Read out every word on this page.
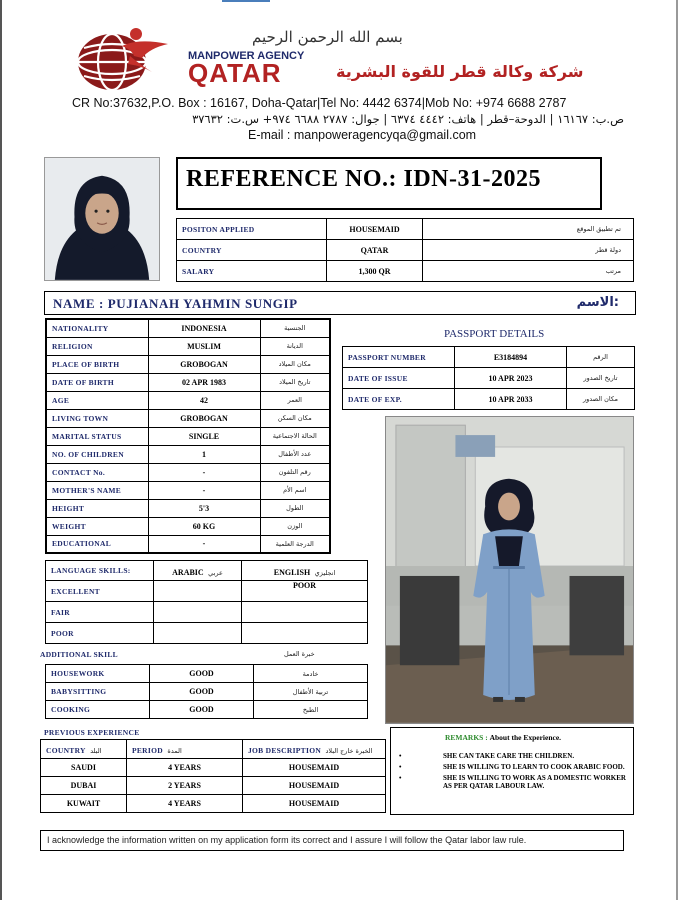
بسم الله الرحمن الرحيم
MANPOWER AGENCY
QATAR	شركة وكالة قطر للقوة البشرية
CR No:37632,P.O. Box : 16167, Doha-Qatar|Tel No: 4442 6374|Mob No: +974 6688 2787
ص.ب: ١٦١٦٧ | الدوحة–قطر | هاتف: ٤٤٤٢ ٦٣٧٤ | جوال: ٢٧٨٧ ٦٦٨٨ ٩٧٤+ س.ت: ٣٧٦٣٢
E-mail : manpoweragencyqa@gmail.com
REFERENCE NO.: IDN-31-2025
POSITON APPLIED	HOUSEMAID	تم تطبيق الموقع
COUNTRY	QATAR	دولة قطر
SALARY	1,300 QR	مرتب
NAME : PUJIANAH YAHMIN SUNGIP	الاسم:
NATIONALITY	INDONESIA	الجنسية
RELIGION	MUSLIM	الديانة
PLACE OF BIRTH	GROBOGAN	مكان الميلاد
DATE OF BIRTH	02 APR 1983	تاريخ الميلاد
AGE	42	العمر
LIVING TOWN	GROBOGAN	مكان السكن
MARITAL STATUS	SINGLE	الحالة الاجتماعية
NO. OF CHILDREN	1	عدد الأطفال
CONTACT No.	-	رقم التلفون
MOTHER'S NAME	-	اسم الأم
HEIGHT	5'3	الطول
WEIGHT	60 KG	الوزن
EDUCATIONAL	-	الدرجة العلمية
PASSPORT DETAILS
PASSPORT NUMBER	E3184894	الرقم
DATE OF ISSUE	10 APR 2023	تاريخ الصدور
DATE OF EXP.	10 APR 2033	مكان الصدور
LANGUAGE SKILLS:	ARABIC عربي	ENGLISH انجليزي
EXCELLENT		POOR
FAIR		
POOR		
ADDITIONAL SKILL	خبرة العمل
HOUSEWORK	GOOD	خادمة
BABYSITTING	GOOD	تربية الأطفال
COOKING	GOOD	الطبخ
PREVIOUS EXPERIENCE
COUNTRY البلد	PERIOD المدة	JOB DESCRIPTION الخبرة خارج البلاد
SAUDI	4 YEARS	HOUSEMAID
DUBAI	2 YEARS	HOUSEMAID
KUWAIT	4 YEARS	HOUSEMAID
REMARKS : About the Experience.
•	SHE CAN TAKE CARE THE CHILDREN.
•	SHE IS WILLING TO LEARN TO COOK ARABIC FOOD.
•	SHE IS WILLING TO WORK AS A DOMESTIC WORKER AS PER QATAR LABOUR LAW.
I acknowledge the information written on my application form its correct and I assure I will follow the Qatar labor law rule.
